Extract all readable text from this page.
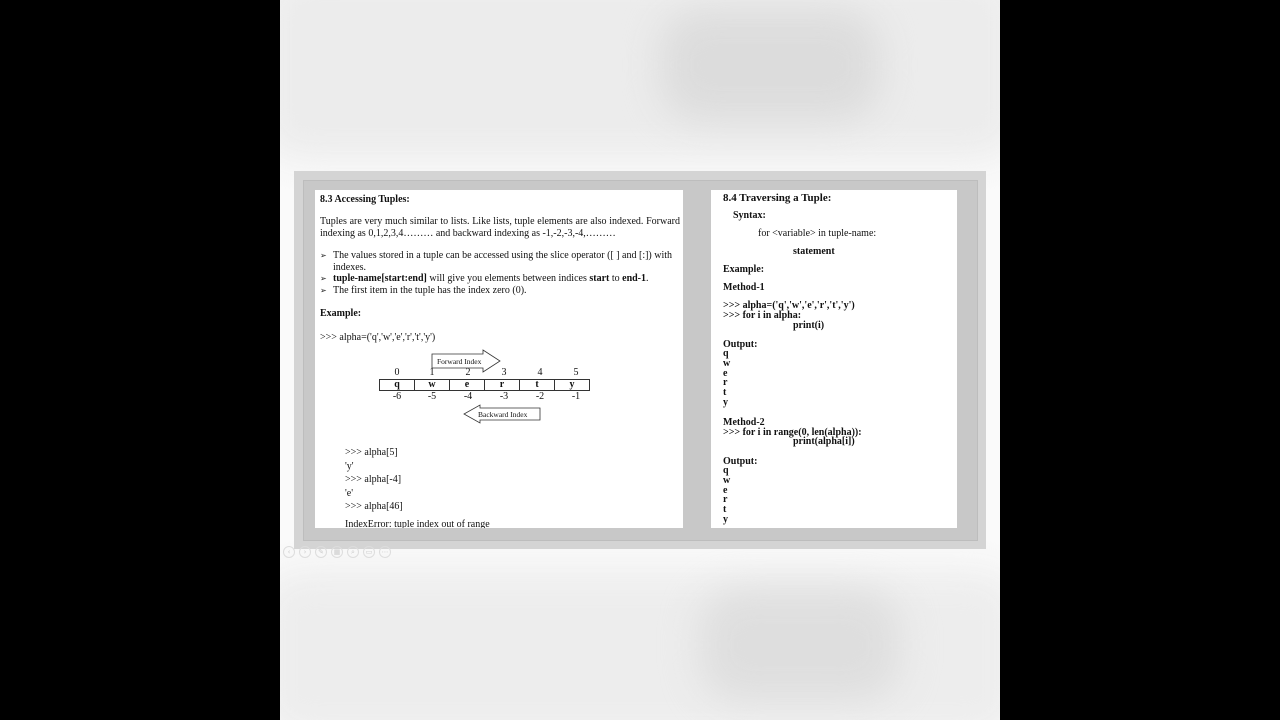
8.3 Accessing Tuples:
Tuples are very much similar to lists. Like lists, tuple elements are also indexed. Forward indexing as 0,1,2,3,4……… and backward indexing as -1,-2,-3,-4,………
➢ The values stored in a tuple can be accessed using the slice operator ([ ] and [:]) with indexes.
➢ tuple-name[start:end] will give you elements between indices start to end-1.
➢ The first item in the tuple has the index zero (0).
Example:
>>> alpha=('q','w','e','r','t','y')
Forward Index
0	1	2	3	4	5
q	w	e	r	t	y
-6	-5	-4	-3	-2	-1
Backward Index
>>> alpha[5]
'y'
>>> alpha[-4]
'e'
>>> alpha[46]
IndexError: tuple index out of range
8.4 Traversing a Tuple:
Syntax:
for <variable> in tuple-name:
statement
Example:
Method-1
>>> alpha=('q','w','e','r','t','y')
>>> for i in alpha:
print(i)
Output:
q
w
e
r
t
y
Method-2
>>> for i in range(0, len(alpha)):
print(alpha[i])
Output:
q
w
e
r
t
y
‹	›	✎	▦	⌕	▭	⋯
